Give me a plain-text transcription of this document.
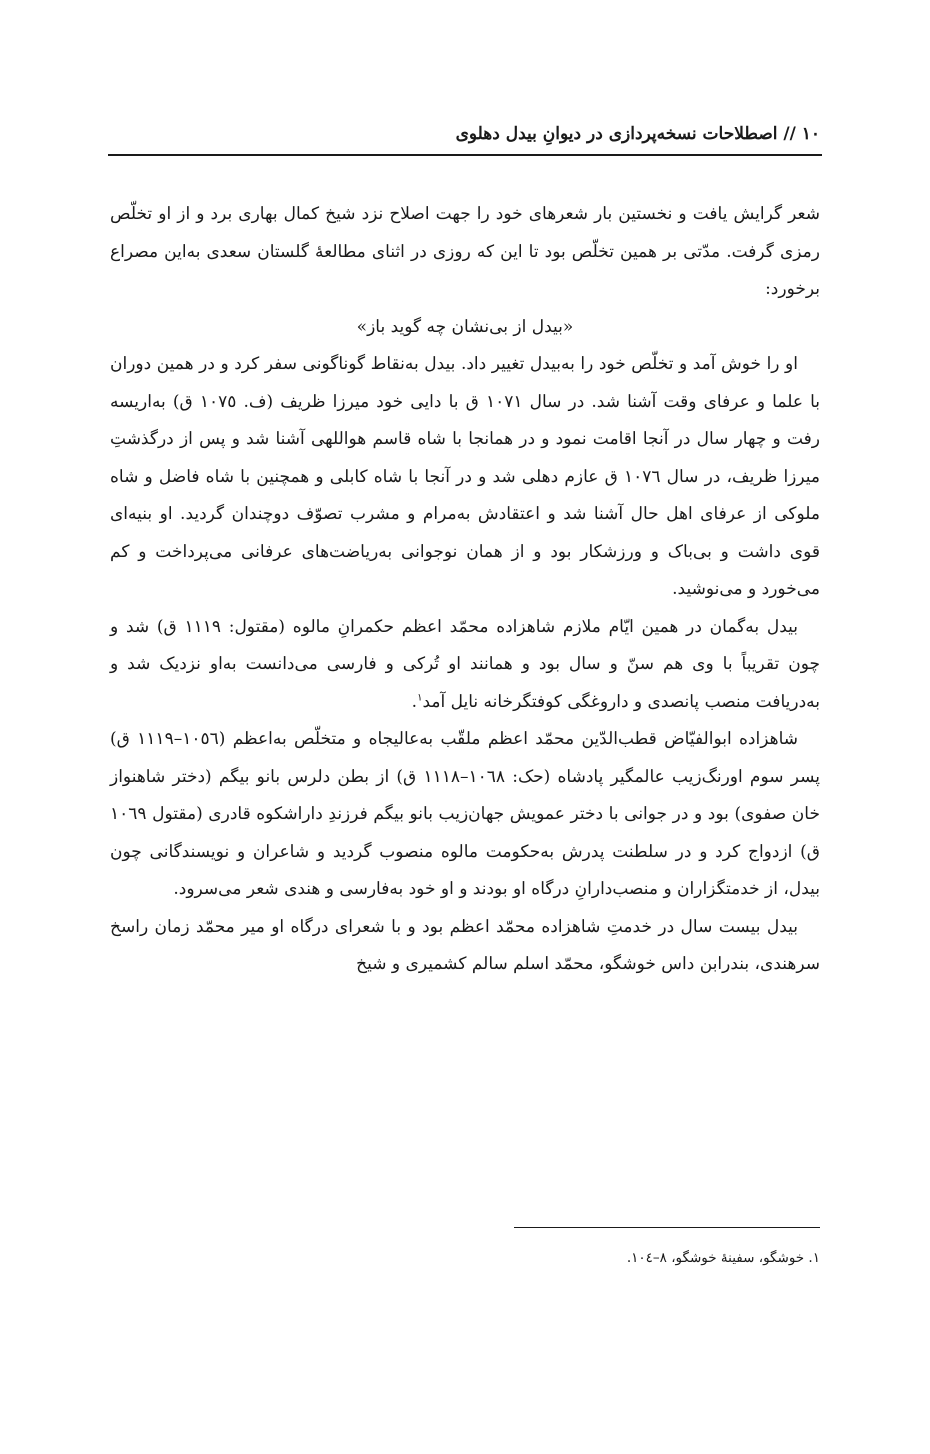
١٠ // اصطلاحات نسخه‌پردازی در دیوانِ بیدل دهلوی

شعر گرایش یافت و نخستین بار شعرهای خود را جهت اصلاح نزد شیخ کمال بهاری برد و از او تخلّص رمزی گرفت. مدّتی بر همین تخلّص بود تا این که روزی در اثنای مطالعهٔ گلستان سعدی به‌این مصراع برخورد:

«بیدل از بی‌نشان چه گوید باز»

او را خوش آمد و تخلّص خود را به‌بیدل تغییر داد. بیدل به‌نقاط گوناگونی سفر کرد و در همین دوران با علما و عرفای وقت آشنا شد. در سال ١٠٧١ ق با دایی خود میرزا ظریف (ف. ١٠٧٥ ق) به‌اریسه رفت و چهار سال در آنجا اقامت نمود و در همانجا با شاه قاسم هواللهی آشنا شد و پس از درگذشتِ میرزا ظریف، در سال ١٠٧٦ ق عازم دهلی شد و در آنجا با شاه کابلی و همچنین با شاه فاضل و شاه ملوکی از عرفای اهل حال آشنا شد و اعتقادش به‌مرام و مشرب تصوّف دوچندان گردید. او بنیه‌ای قوی داشت و بی‌باک و ورزشکار بود و از همان نوجوانی به‌ریاضت‌های عرفانی می‌پرداخت و کم می‌خورد و می‌نوشید.

بیدل به‌گمان در همین ایّام ملازم شاهزاده محمّد اعظم حکمرانِ مالوه (مقتول: ١١١٩ ق) شد و چون تقریباً با وی هم سنّ و سال بود و همانند او تُرکی و فارسی می‌دانست به‌او نزدیک شد و به‌دریافت منصب پانصدی و داروغگی کوفتگرخانه نایل آمد$^١$.

شاهزاده ابوالفیّاض قطب‌الدّین محمّد اعظم ملقّب به‌عالیجاه و متخلّص به‌اعظم (١٠٥٦–١١١٩ ق) پسر سوم اورنگ‌زیب عالمگیر پادشاه (حک: ١٠٦٨–١١١٨ ق) از بطن دلرس بانو بیگم (دختر شاهنواز خان صفوی) بود و در جوانی با دختر عمویش جهان‌زیب بانو بیگم فرزندِ داراشکوه قادری (مقتول ١٠٦٩ ق) ازدواج کرد و در سلطنت پدرش به‌حکومت مالوه منصوب گردید و شاعران و نویسندگانی چون بیدل، از خدمتگزاران و منصب‌دارانِ درگاه او بودند و او خود به‌فارسی و هندی شعر می‌سرود.

بیدل بیست سال در خدمتِ شاهزاده محمّد اعظم بود و با شعرای درگاه او میر محمّد زمان راسخ سرهندی، بندرابن داس خوشگو، محمّد اسلم سالم کشمیری و شیخ

١. خوشگو، سفینهٔ خوشگو، ٨–١٠٤.
